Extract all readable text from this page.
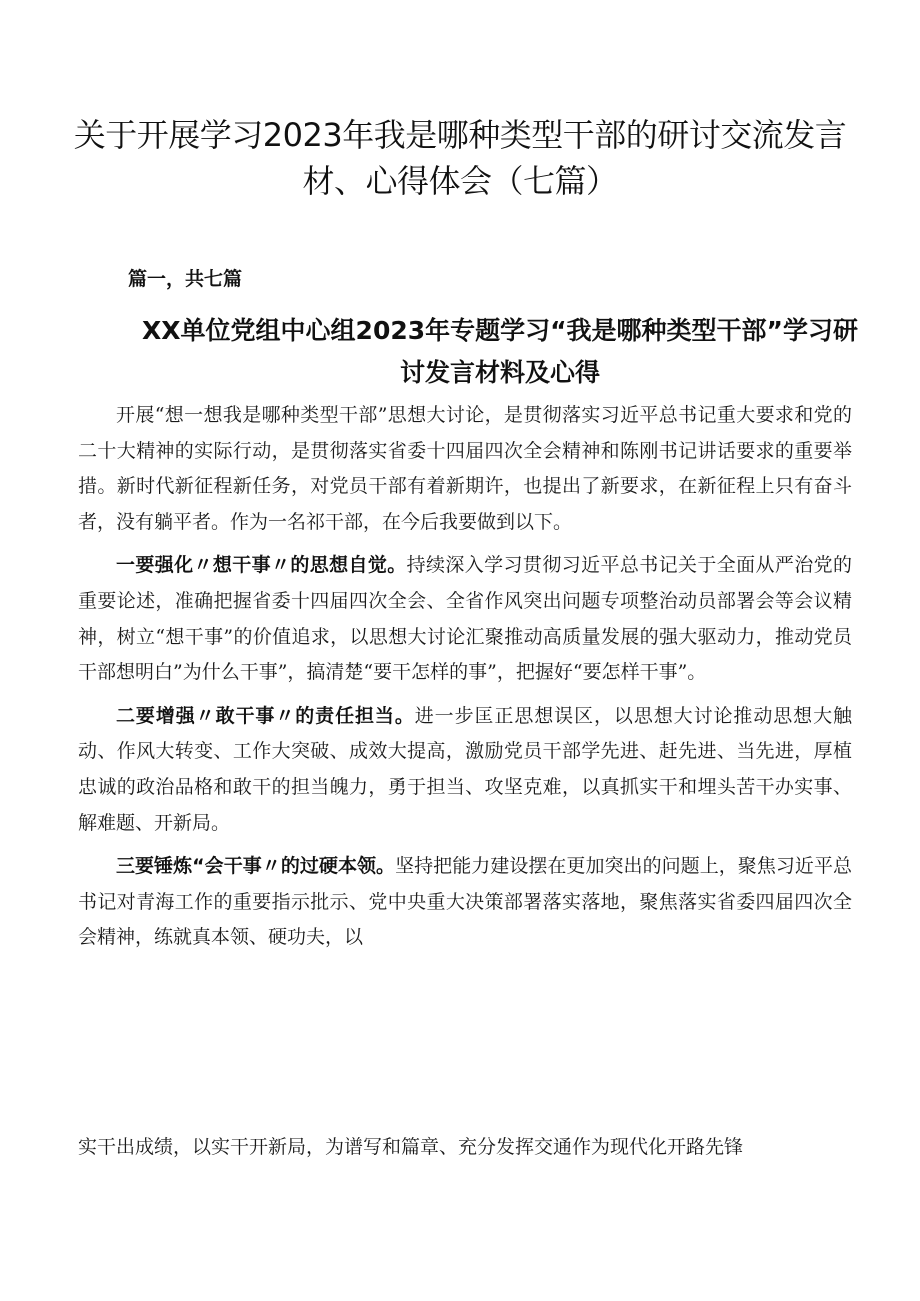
关于开展学习2023年我是哪种类型干部的研讨交流发言材、心得体会（七篇）
篇一，共七篇
XX单位党组中心组2023年专题学习“我是哪种类型干部”学习研讨发言材料及心得

开展“想一想我是哪种类型干部”思想大讨论，是贯彻落实习近平总书记重大要求和党的二十大精神的实际行动，是贯彻落实省委十四届四次全会精神和陈刚书记讲话要求的重要举措。新时代新征程新任务，对党员干部有着新期许，也提出了新要求，在新征程上只有奋斗者，没有躺平者。作为一名祁干部，在今后我要做到以下。

一要强化〃想干事〃的思想自觉。持续深入学习贯彻习近平总书记关于全面从严治党的重要论述，准确把握省委十四届四次全会、全省作风突出问题专项整治动员部署会等会议精神，树立“想干事”的价值追求，以思想大讨论汇聚推动高质量发展的强大驱动力，推动党员干部想明白”为什么干事”，搞清楚“要干怎样的事”，把握好“要怎样干事”。

二要增强〃敢干事〃的责任担当。进一步匡正思想误区，以思想大讨论推动思想大触动、作风大转变、工作大突破、成效大提高，激励党员干部学先进、赶先进、当先进，厚植忠诚的政治品格和敢干的担当魄力，勇于担当、攻坚克难，以真抓实干和埋头苦干办实事、解难题、开新局。

三要锤炼“会干事〃的过硬本领。坚持把能力建设摆在更加突出的问题上，聚焦习近平总书记对青海工作的重要指示批示、党中央重大决策部署落实落地，聚焦落实省委四届四次全会精神，练就真本领、硬功夫，以

实干出成绩，以实干开新局，为谱写和篇章、充分发挥交通作为现代化开路先锋
